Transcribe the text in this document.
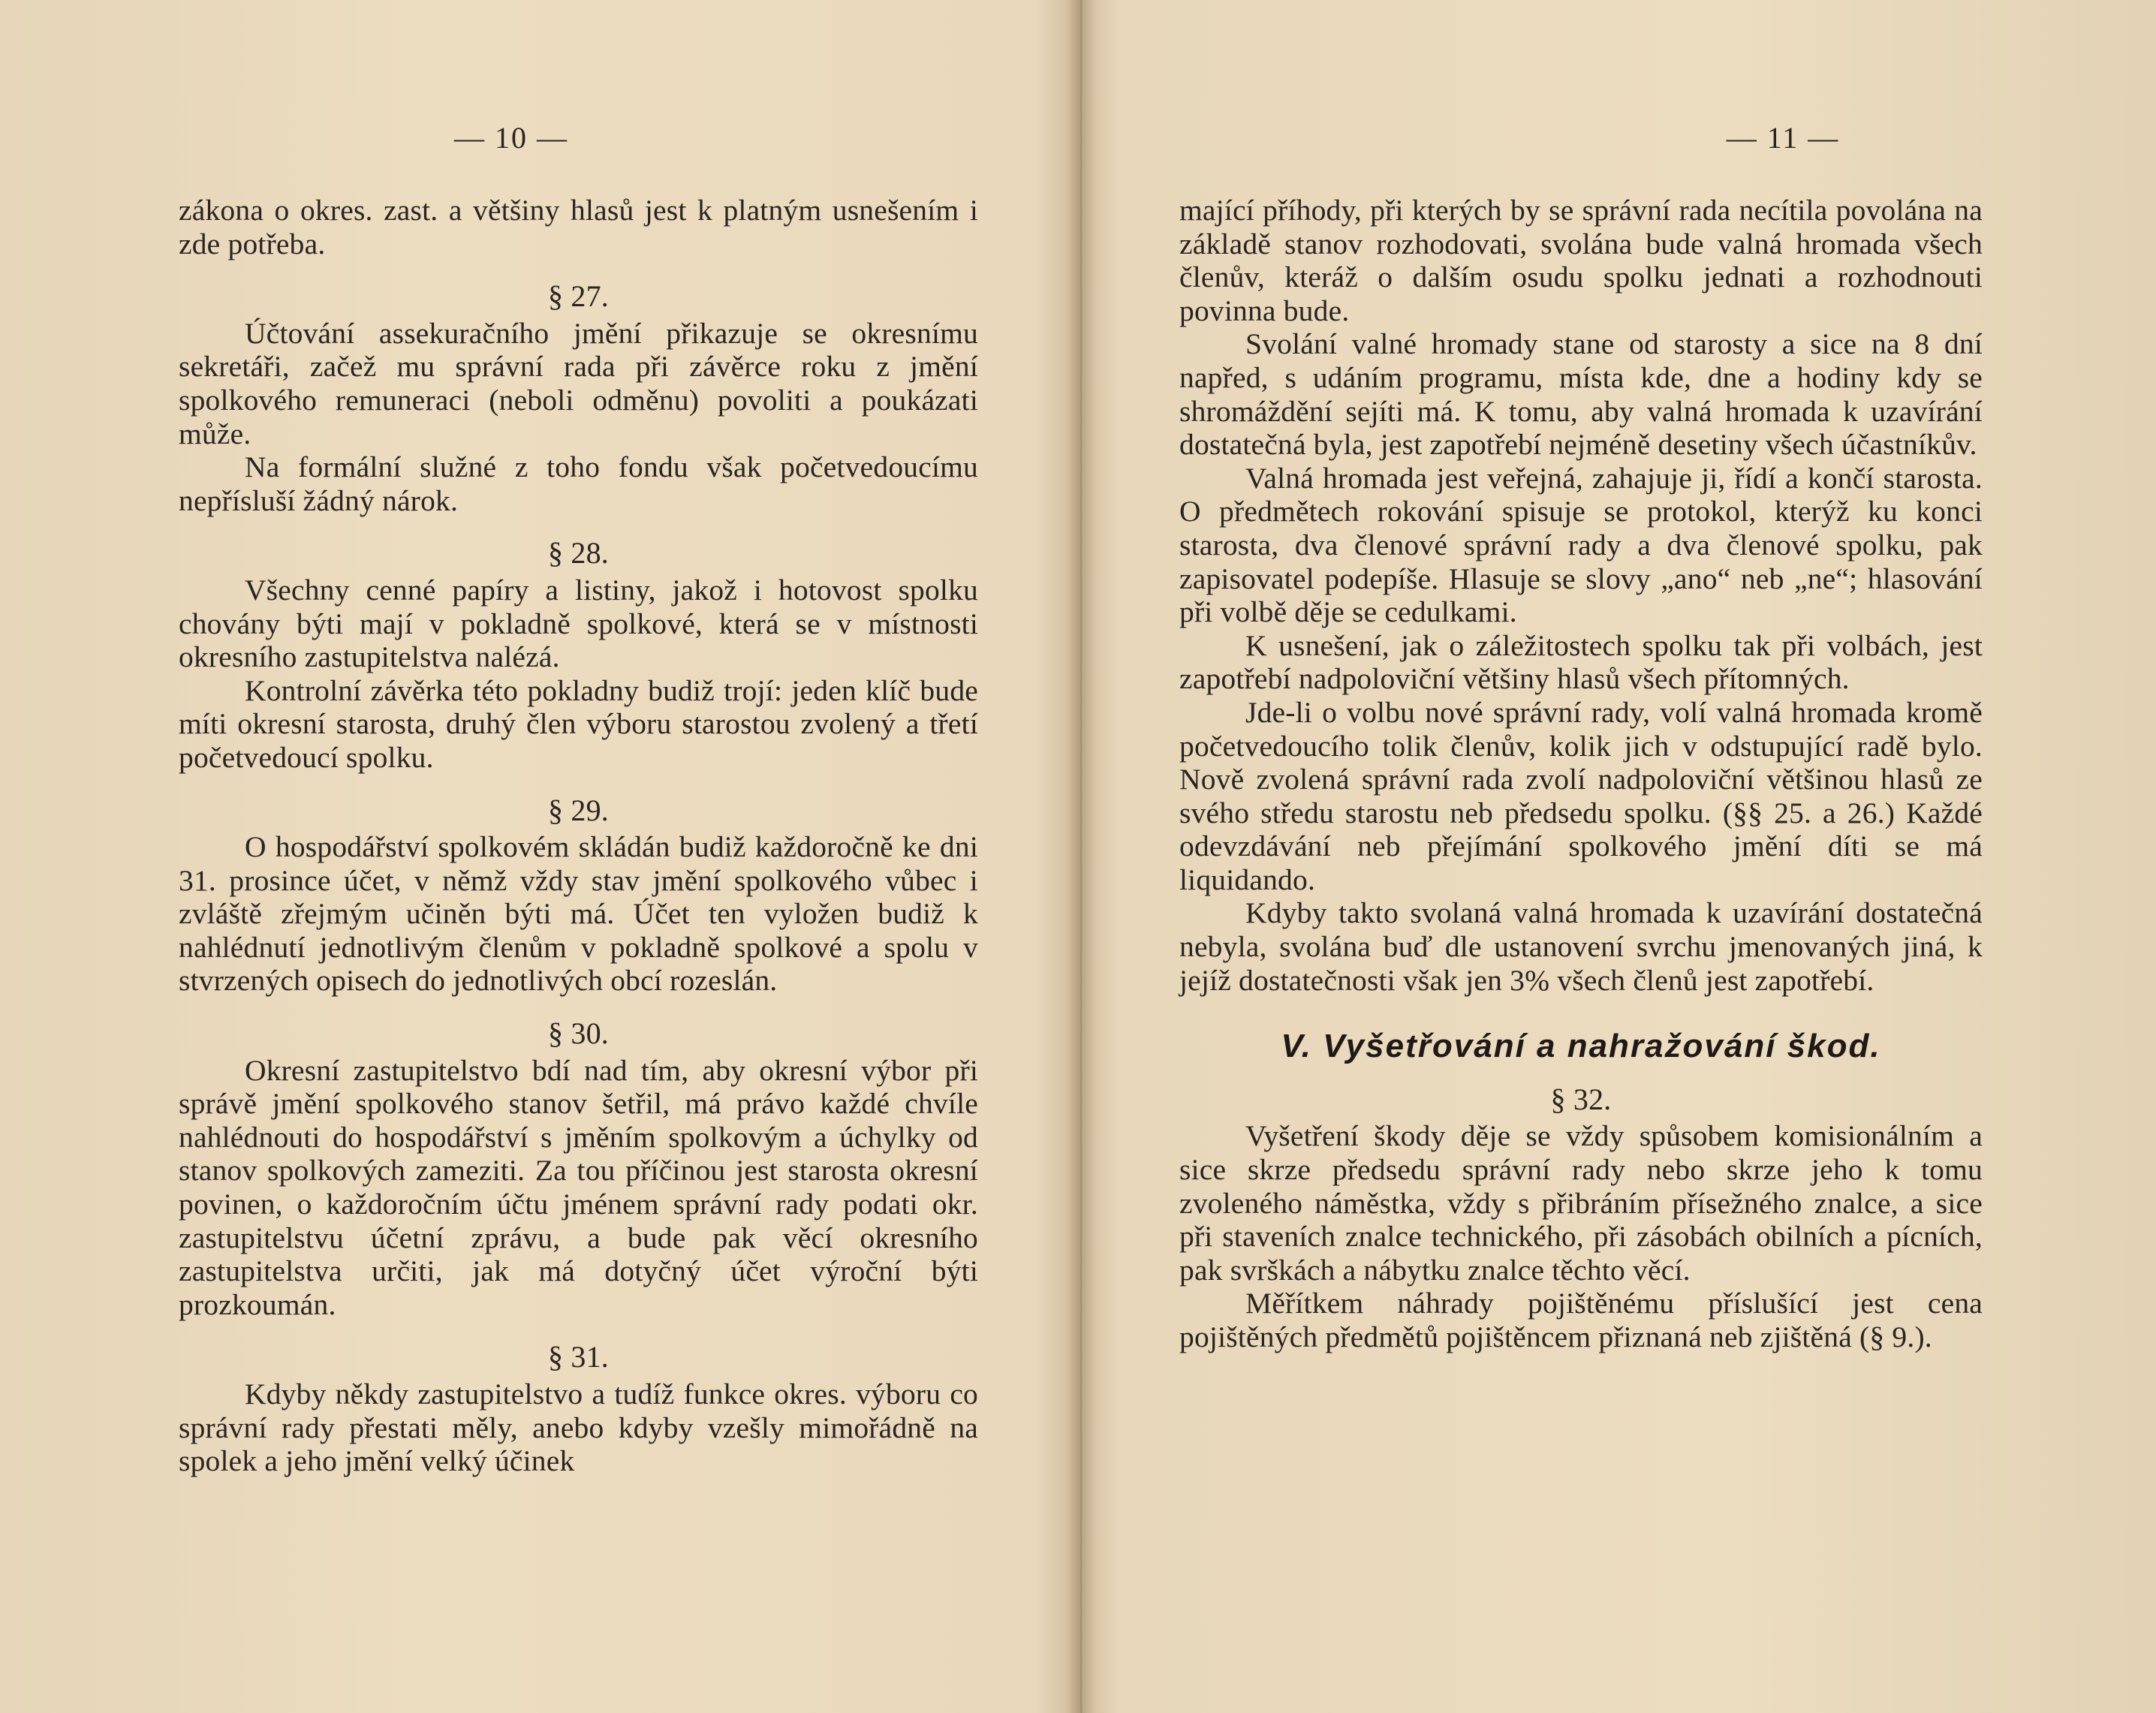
— 10 —

zákona o okres. zast. a většiny hlasů jest k platným usnešením i zde potřeba.

§ 27.

Účtování assekuračního jmění přikazuje se okresnímu sekretáři, začež mu správní rada při závěrce roku z jmění spolkového remuneraci (neboli odměnu) povoliti a poukázati může.

Na formální služné z toho fondu však početvedoucímu nepřísluší žádný nárok.

§ 28.

Všechny cenné papíry a listiny, jakož i hotovost spolku chovány býti mají v pokladně spolkové, která se v místnosti okresního zastupitelstva nalézá.

Kontrolní závěrka této pokladny budiž trojí: jeden klíč bude míti okresní starosta, druhý člen výboru starostou zvolený a třetí početvedoucí spolku.

§ 29.

O hospodářství spolkovém skládán budiž každoročně ke dni 31. prosince účet, v němž vždy stav jmění spolkového vůbec i zvláště zřejmým učiněn býti má. Účet ten vyložen budiž k nahlédnutí jednotlivým členům v pokladně spolkové a spolu v stvrzených opisech do jednotlivých obcí rozeslán.

§ 30.

Okresní zastupitelstvo bdí nad tím, aby okresní výbor při správě jmění spolkového stanov šetřil, má právo každé chvíle nahlédnouti do hospodářství s jměním spolkovým a úchylky od stanov spolkových zameziti. Za tou příčinou jest starosta okresní povinen, o každoročním účtu jménem správní rady podati okr. zastupitelstvu účetní zprávu, a bude pak věcí okresního zastupitelstva určiti, jak má dotyčný účet výroční býti prozkoumán.

§ 31.

Kdyby někdy zastupitelstvo a tudíž funkce okres. výboru co správní rady přestati měly, anebo kdyby vzešly mimořádně na spolek a jeho jmění velký účinek

— 11 —

mající příhody, při kterých by se správní rada necítila povolána na základě stanov rozhodovati, svolána bude valná hromada všech členův, kteráž o dalším osudu spolku jednati a rozhodnouti povinna bude.

Svolání valné hromady stane od starosty a sice na 8 dní napřed, s udáním programu, místa kde, dne a hodiny kdy se shromáždění sejíti má. K tomu, aby valná hromada k uzavírání dostatečná byla, jest zapotřebí nejméně desetiny všech účastníkův.

Valná hromada jest veřejná, zahajuje ji, řídí a končí starosta. O předmětech rokování spisuje se protokol, kterýž ku konci starosta, dva členové správní rady a dva členové spolku, pak zapisovatel podepíše. Hlasuje se slovy „ano“ neb „ne“; hlasování při volbě děje se cedulkami.

K usnešení, jak o záležitostech spolku tak při volbách, jest zapotřebí nadpoloviční většiny hlasů všech přítomných.

Jde-li o volbu nové správní rady, volí valná hromada kromě početvedoucího tolik členův, kolik jich v odstupující radě bylo. Nově zvolená správní rada zvolí nadpoloviční většinou hlasů ze svého středu starostu neb předsedu spolku. (§§ 25. a 26.) Každé odevzdávání neb přejímání spolkového jmění díti se má liquidando.

Kdyby takto svolaná valná hromada k uzavírání dostatečná nebyla, svolána buď dle ustanovení svrchu jmenovaných jiná, k jejíž dostatečnosti však jen 3% všech členů jest zapotřebí.

V. Vyšetřování a nahražování škod.
§ 32.

Vyšetření škody děje se vždy spůsobem komisionálním a sice skrze předsedu správní rady nebo skrze jeho k tomu zvoleného náměstka, vždy s přibráním přísežného znalce, a sice při staveních znalce technického, při zásobách obilních a pícních, pak svrškách a nábytku znalce těchto věcí.

Měřítkem náhrady pojištěnému příslušící jest cena pojištěných předmětů pojištěncem přiznaná neb zjištěná (§ 9.).
